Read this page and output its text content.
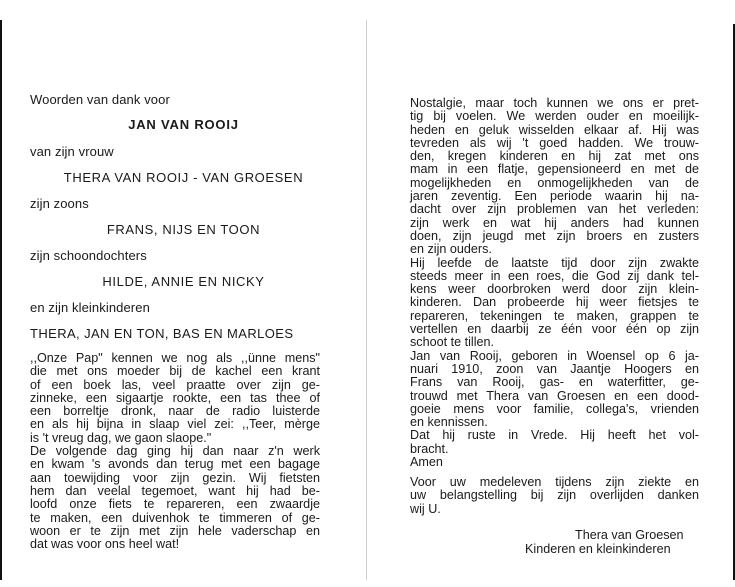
Woorden van dank voor
JAN VAN ROOIJ
van zijn vrouw
THERA VAN ROOIJ - VAN GROESEN
zijn zoons
FRANS, NIJS EN TOON
zijn schoondochters
HILDE, ANNIE EN NICKY
en zijn kleinkinderen
THERA, JAN EN TON, BAS EN MARLOES
,,Onze Pap" kennen we nog als ,,ünne mens"
die met ons moeder bij de kachel een krant
of een boek las, veel praatte over zijn ge-
zinneke, een sigaartje rookte, een tas thee of
een borreltje dronk, naar de radio luisterde
en als hij bijna in slaap viel zei: ,,Teer, mèrge
is 't vreug dag, we gaon slaope."
De volgende dag ging hij dan naar z'n werk
en kwam 's avonds dan terug met een bagage
aan toewijding voor zijn gezin. Wij fietsten
hem dan veelal tegemoet, want hij had be-
loofd onze fiets te repareren, een zwaardje
te maken, een duivenhok te timmeren of ge-
woon er te zijn met zijn hele vaderschap en
dat was voor ons heel wat!
Nostalgie, maar toch kunnen we ons er pret-
tig bij voelen. We werden ouder en moeilijk-
heden en geluk wisselden elkaar af. Hij was
tevreden als wij 't goed hadden. We trouw-
den, kregen kinderen en hij zat met ons
mam in een flatje, gepensioneerd en met de
mogelijkheden en onmogelijkheden van de
jaren zeventig. Een periode waarin hij na-
dacht over zijn problemen van het verleden:
zijn werk en wat hij anders had kunnen
doen, zijn jeugd met zijn broers en zusters
en zijn ouders.
Hij leefde de laatste tijd door zijn zwakte
steeds meer in een roes, die God zij dank tel-
kens weer doorbroken werd door zijn klein-
kinderen. Dan probeerde hij weer fietsjes te
repareren, tekeningen te maken, grappen te
vertellen en daarbij ze één voor één op zijn
schoot te tillen.
Jan van Rooij, geboren in Woensel op 6 ja-
nuari 1910, zoon van Jaantje Hoogers en
Frans van Rooij, gas- en waterfitter, ge-
trouwd met Thera van Groesen en een dood-
goeie mens voor familie, collega's, vrienden
en kennissen.
Dat hij ruste in Vrede. Hij heeft het vol-
bracht.
Amen
Voor uw medeleven tijdens zijn ziekte en
uw belangstelling bij zijn overlijden danken
wij U.
Thera van Groesen
Kinderen en kleinkinderen
